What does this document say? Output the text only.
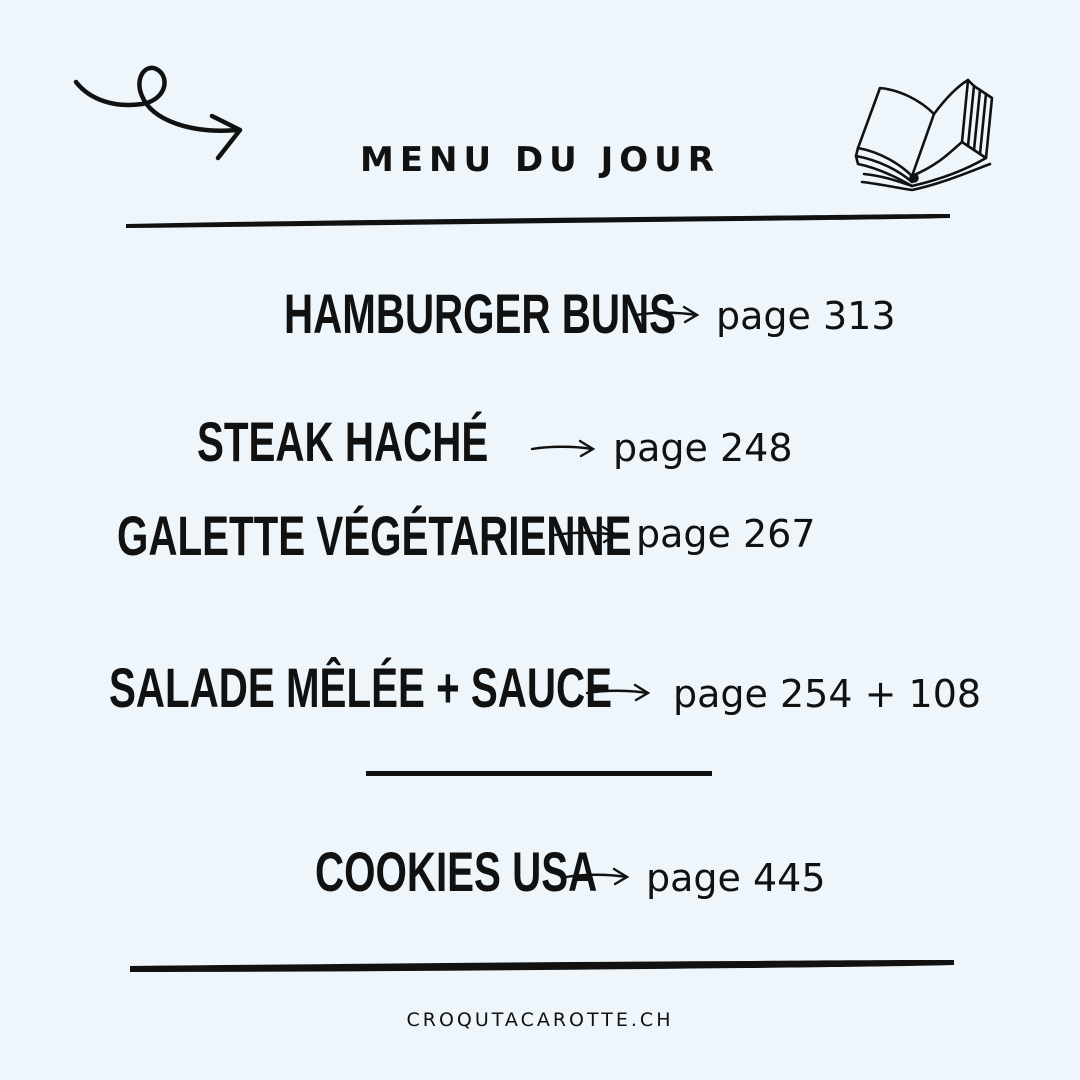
MENU DU JOUR
HAMBURGER BUNS page 313
STEAK HACHÉ	page 248
GALETTE VÉGÉTARIENNE page 267
SALADE MÊLÉE + SAUCE page 254 + 108
COOKIES USA page 445
CROQUTACAROTTE.CH
